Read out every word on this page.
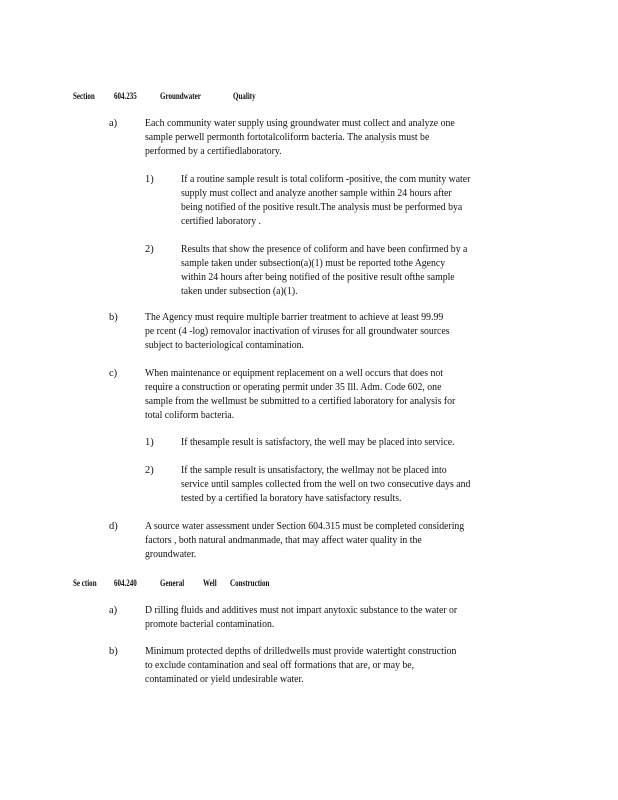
Section 604.235	Groundwater	Quality
a)	Each community water supply using groundwater must collect and analyze one
sample perwell permonth fortotalcoliform bacteria. The analysis must be
performed by a certifiedlaboratory.
1)	If a routine sample result is total coliform -positive, the com munity water
supply must collect and analyze another sample within 24 hours after
being notified of the positive result.The analysis must be performed bya
certified laboratory .
2)	Results that show the presence of coliform and have been confirmed by a
sample taken under subsection(a)(1) must be reported tothe Agency
within 24 hours after being notified of the positive result ofthe sample
taken under subsection (a)(1).
b)	The Agency must require multiple barrier treatment to achieve at least 99.99
pe rcent (4 -log) removalor inactivation of viruses for all groundwater sources
subject to bacteriological contamination.
c)	When maintenance or equipment replacement on a well occurs that does not
require a construction or operating permit under 35 Ill. Adm. Code 602, one
sample from the wellmust be submitted to a certified laboratory for analysis for
total coliform bacteria.
1)	If thesample result is satisfactory, the well may be placed into service.
2)	If the sample result is unsatisfactory, the wellmay not be placed into
service until samples collected from the well on two consecutive days and
tested by a certified la boratory have satisfactory results.
d)	A source water assessment under Section 604.315 must be completed considering
factors , both natural andmanmade, that may affect water quality in the
groundwater.
Se ction 604.240	General Well Construction
a)	D rilling fluids and additives must not impart anytoxic substance to the water or
promote bacterial contamination.
b)	Minimum protected depths of drilledwells must provide watertight construction
to exclude contamination and seal off formations that are, or may be,
contaminated or yield undesirable water.
